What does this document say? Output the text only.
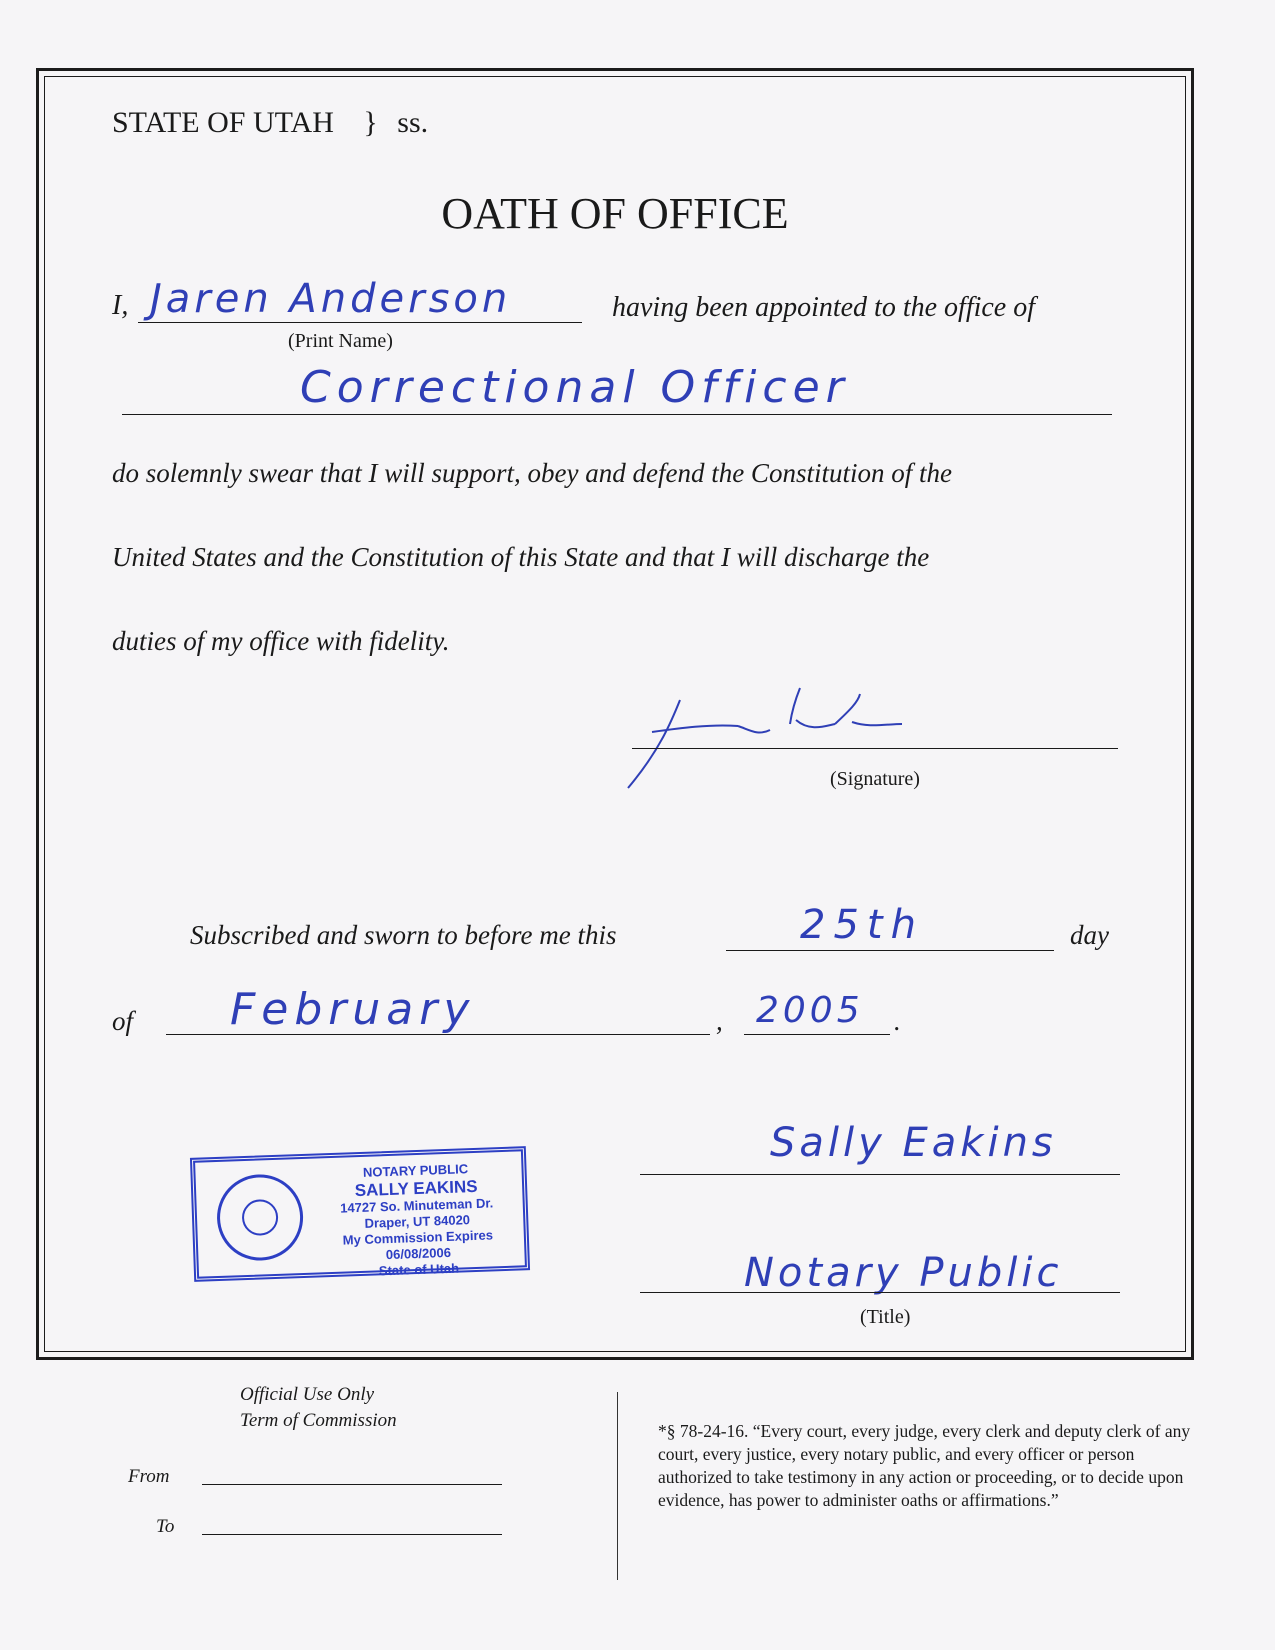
STATE OF UTAH } ss.
OATH OF OFFICE
I, Jaren Anderson	having been appointed to the office of
(Print Name)
Correctional Officer
do solemnly swear that I will support, obey and defend the Constitution of the
United States and the Constitution of this State and that I will discharge the
duties of my office with fidelity.
(Signature)
Subscribed and sworn to before me this	25th	day
of February	, 2005 .
NOTARY PUBLIC
SALLY EAKINS
14727 So. Minuteman Dr.
Draper, UT 84020
My Commission Expires 06/08/2006
State of Utah
Sally Eakins
Notary Public
(Title)
Official Use Only
Term of Commission
From
To
*§ 78-24-16. “Every court, every judge, every clerk and deputy clerk of any court, every justice, every notary public, and every officer or person authorized to take testimony in any action or proceeding, or to decide upon evidence, has power to administer oaths or affirmations.”
